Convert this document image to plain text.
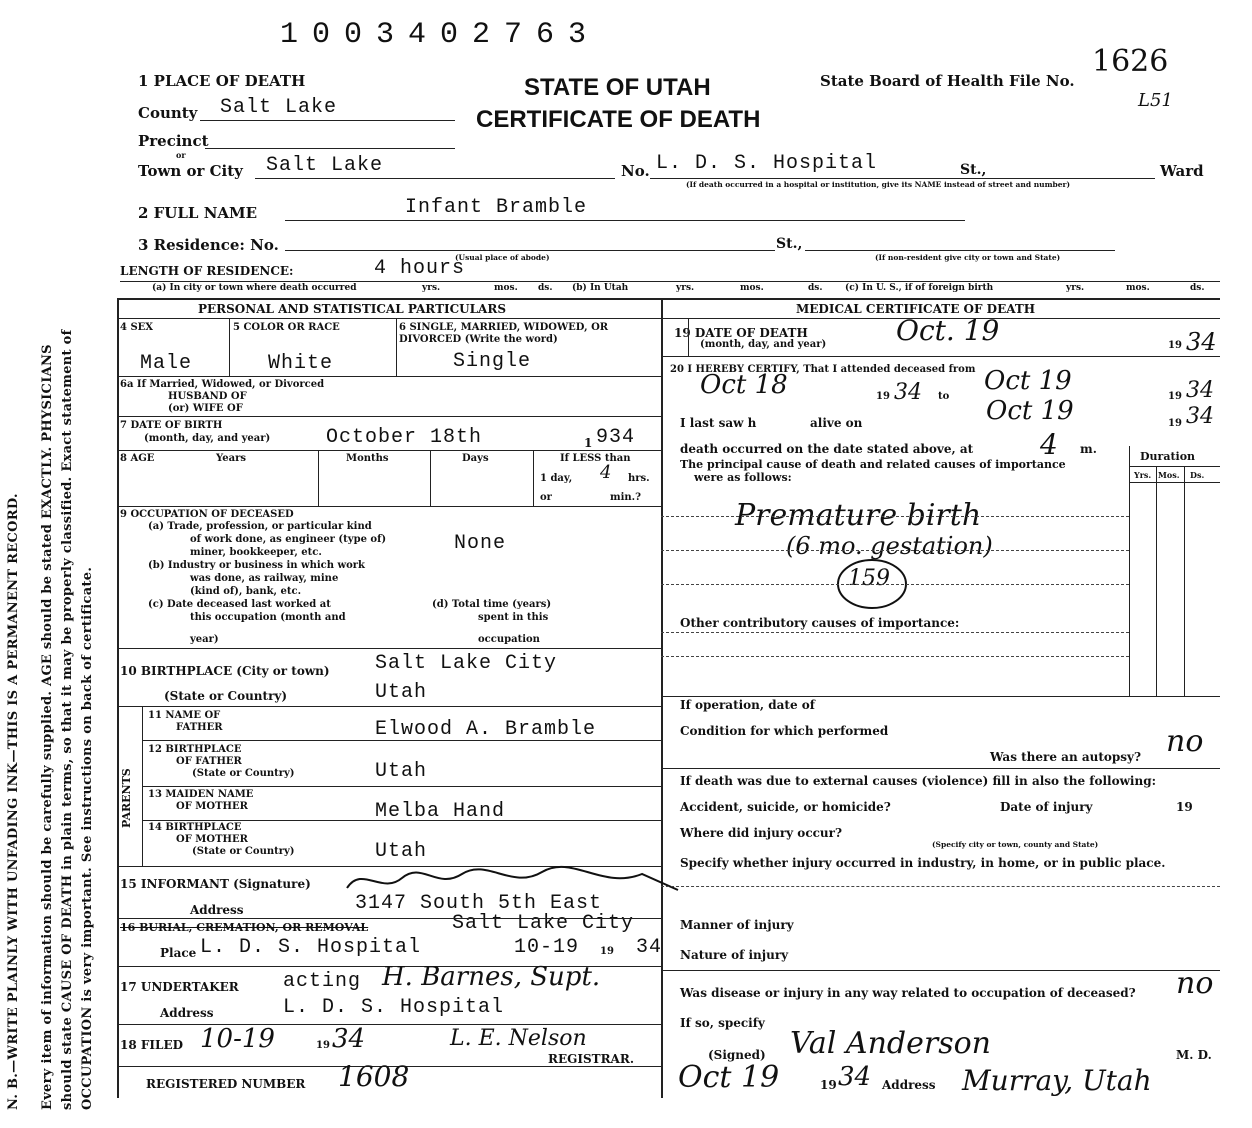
N. B.—WRITE PLAINLY WITH UNFADING INK—THIS IS A PERMANENT RECORD. Every item of information should be carefully supplied. AGE should be stated EXACTLY. PHYSICIANS should state CAUSE OF DEATH in plain terms, so that it may be properly classified. Exact statement of OCCUPATION is very important. See instructions on back of certificate.
1003402763
STATE OF UTAH
CERTIFICATE OF DEATH
State Board of Health File No.
1626
L51
1 PLACE OF DEATH
County Salt Lake
Precinct
or
Town or City Salt Lake	No. L. D. S. Hospital	St.,	Ward
(If death occurred in a hospital or institution, give its NAME instead of street and number)
2 FULL NAME	Infant Bramble
3 Residence: No.	St.,
(Usual place of abode)	(If non-resident give city or town and State)
LENGTH OF RESIDENCE:	4 hours
(a) In city or town where death occurred	yrs.	mos. ds. (b) In Utah	yrs.	mos.	ds.	(c) In U. S., if of foreign birth	yrs.	mos.	ds.
PERSONAL AND STATISTICAL PARTICULARS	MEDICAL CERTIFICATE OF DEATH
4 SEX	5 COLOR OR RACE	6 SINGLE, MARRIED, WIDOWED, OR DIVORCED (Write the word)
Male	White	Single
6a If Married, Widowed, or Divorced
HUSBAND OF
(or) WIFE OF
7 DATE OF BIRTH
(month, day, and year)	October 18th	1 934
8 AGE	Years	Months	Days	If LESS than
1 day, 4 hrs.
or	min.?
9 OCCUPATION OF DECEASED
(a) Trade, profession, or particular kind
of work done, as engineer (type of)
miner, bookkeeper, etc.	None
(b) Industry or business in which work
was done, as railway, mine
(kind of), bank, etc.
(c) Date deceased last worked at
this occupation (month and
year)
(d) Total time (years)
spent in this
occupation
10 BIRTHPLACE (City or town) Salt Lake City
(State or Country)	Utah
PARENTS
11 NAME OF
FATHER	Elwood A. Bramble
12 BIRTHPLACE
OF FATHER
(State or Country)	Utah
13 MAIDEN NAME
OF MOTHER	Melba Hand
14 BIRTHPLACE
OF MOTHER
(State or Country)	Utah
15 INFORMANT (Signature)
Address	3147 South 5th East
Salt Lake City
16 BURIAL, CREMATION, OR REMOVAL
Place L. D. S. Hospital	10-19 19 34
17 UNDERTAKER acting H. Barnes, Supt.
Address	L. D. S. Hospital
18 FILED 10-19	19 34	L. E. Nelson
REGISTRAR.
REGISTERED NUMBER 1608
19 DATE OF DEATH
(month, day, and year) Oct. 19	19 34
20 I HEREBY CERTIFY, That I attended deceased from
Oct 18	19 34 to
Oct 19
19 34
I last saw h	alive on	Oct 19	19 34
death occurred on the date stated above, at 4 m.
The principal cause of death and related causes of importance
were as follows:
Duration
Yrs. Mos. Ds.
Premature birth
(6 mo. gestation)
159
Other contributory causes of importance:
If operation, date of
Condition for which performed
Was there an autopsy? no
If death was due to external causes (violence) fill in also the following:
Accident, suicide, or homicide?	Date of injury	19
Where did injury occur?
(Specify city or town, county and State)
Specify whether injury occurred in industry, in home, or in public place.
Manner of injury
Nature of injury
Was disease or injury in any way related to occupation of deceased? no
If so, specify
(Signed) Val Anderson	M. D.
Oct 19	19 34 Address Murray, Utah
